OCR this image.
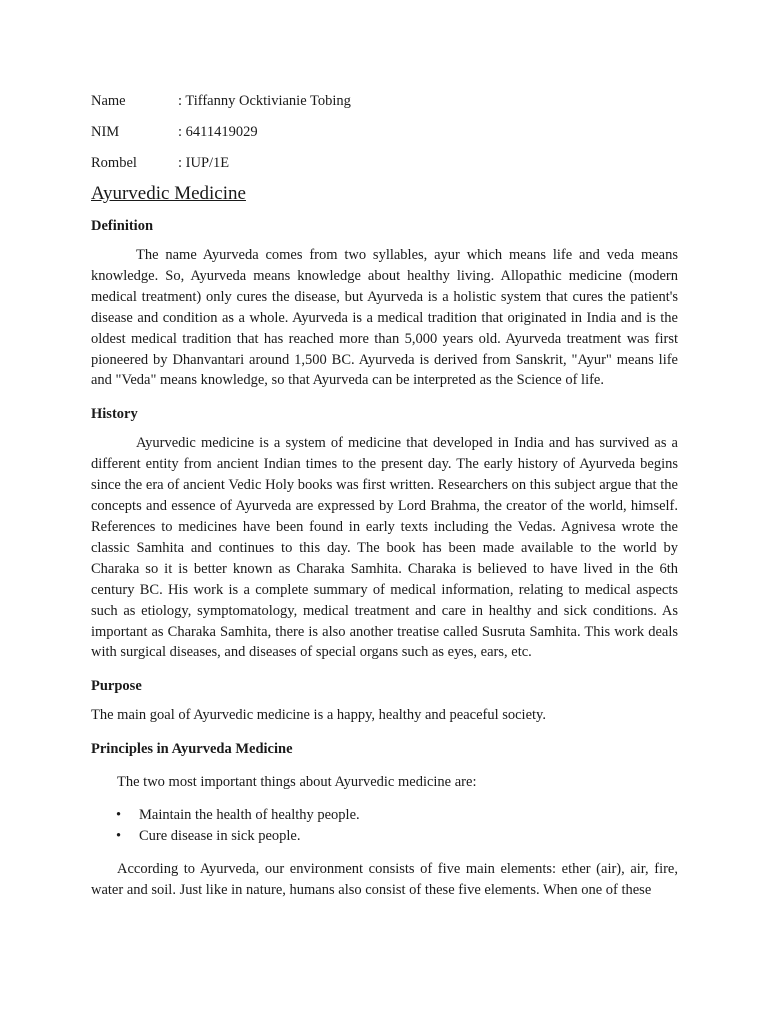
Name	: Tiffanny Ocktivianie Tobing
NIM	: 6411419029
Rombel	: IUP/1E
Ayurvedic Medicine
Definition

The name Ayurveda comes from two syllables, ayur which means life and veda means knowledge. So, Ayurveda means knowledge about healthy living. Allopathic medicine (modern medical treatment) only cures the disease, but Ayurveda is a holistic system that cures the patient's disease and condition as a whole. Ayurveda is a medical tradition that originated in India and is the oldest medical tradition that has reached more than 5,000 years old. Ayurveda treatment was first pioneered by Dhanvantari around 1,500 BC. Ayurveda is derived from Sanskrit, "Ayur" means life and "Veda" means knowledge, so that Ayurveda can be interpreted as the Science of life.

History

Ayurvedic medicine is a system of medicine that developed in India and has survived as a different entity from ancient Indian times to the present day. The early history of Ayurveda begins since the era of ancient Vedic Holy books was first written. Researchers on this subject argue that the concepts and essence of Ayurveda are expressed by Lord Brahma, the creator of the world, himself. References to medicines have been found in early texts including the Vedas. Agnivesa wrote the classic Samhita and continues to this day. The book has been made available to the world by Charaka so it is better known as Charaka Samhita. Charaka is believed to have lived in the 6th century BC. His work is a complete summary of medical information, relating to medical aspects such as etiology, symptomatology, medical treatment and care in healthy and sick conditions. As important as Charaka Samhita, there is also another treatise called Susruta Samhita. This work deals with surgical diseases, and diseases of special organs such as eyes, ears, etc.

Purpose

The main goal of Ayurvedic medicine is a happy, healthy and peaceful society.

Principles in Ayurveda Medicine

The two most important things about Ayurvedic medicine are:

• Maintain the health of healthy people.
• Cure disease in sick people.

According to Ayurveda, our environment consists of five main elements: ether (air), air, fire, water and soil. Just like in nature, humans also consist of these five elements. When one of these
